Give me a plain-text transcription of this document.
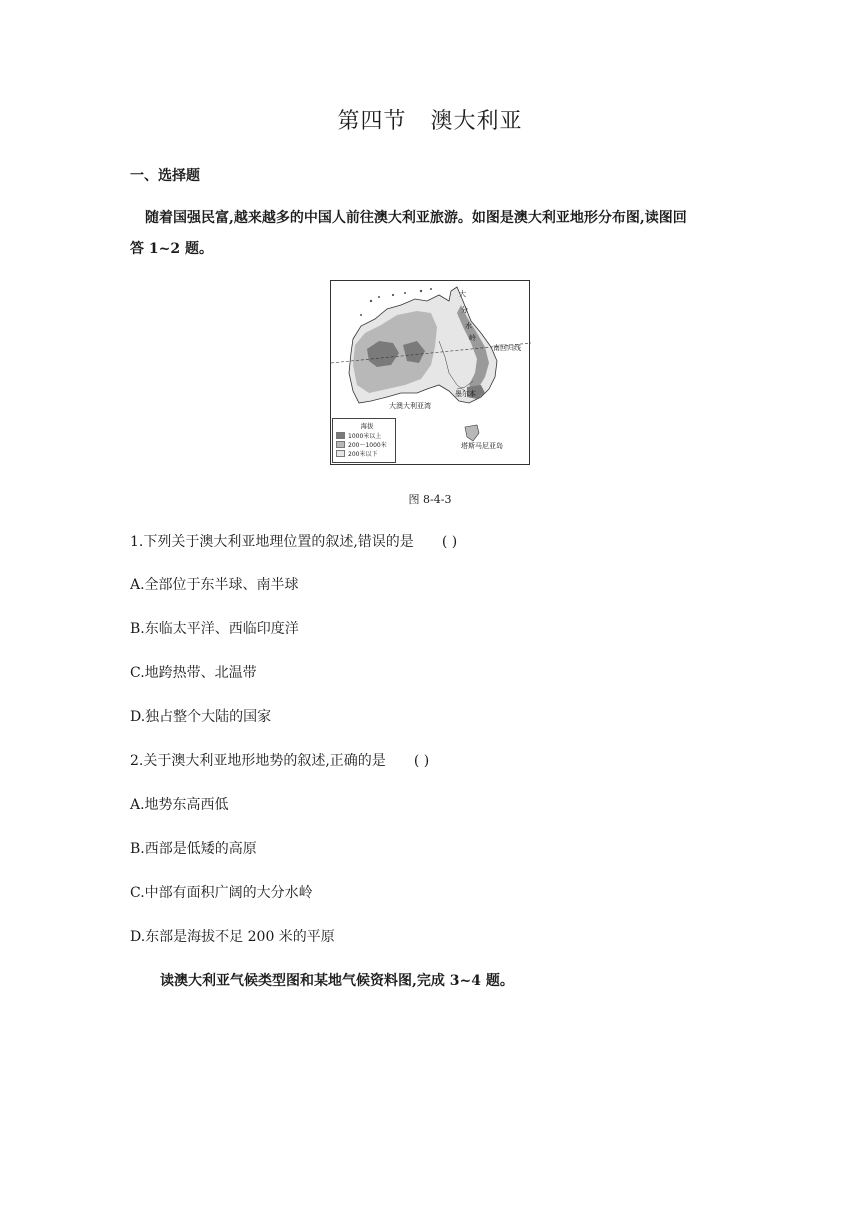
第四节 澳大利亚
一、选择题
随着国强民富,越来越多的中国人前往澳大利亚旅游。如图是澳大利亚地形分布图,读图回
答 1~2 题。
大
分
水
岭
南回归线
大澳大利亚湾
墨尔本
塔斯马尼亚岛
海拔
1000米以上
200～1000米
200米以下
图 8-4-3
1.下列关于澳大利亚地理位置的叙述,错误的是 ( )
A.全部位于东半球、南半球
B.东临太平洋、西临印度洋
C.地跨热带、北温带
D.独占整个大陆的国家
2.关于澳大利亚地形地势的叙述,正确的是 ( )
A.地势东高西低
B.西部是低矮的高原
C.中部有面积广阔的大分水岭
D.东部是海拔不足 200 米的平原
读澳大利亚气候类型图和某地气候资料图,完成 3~4 题。
